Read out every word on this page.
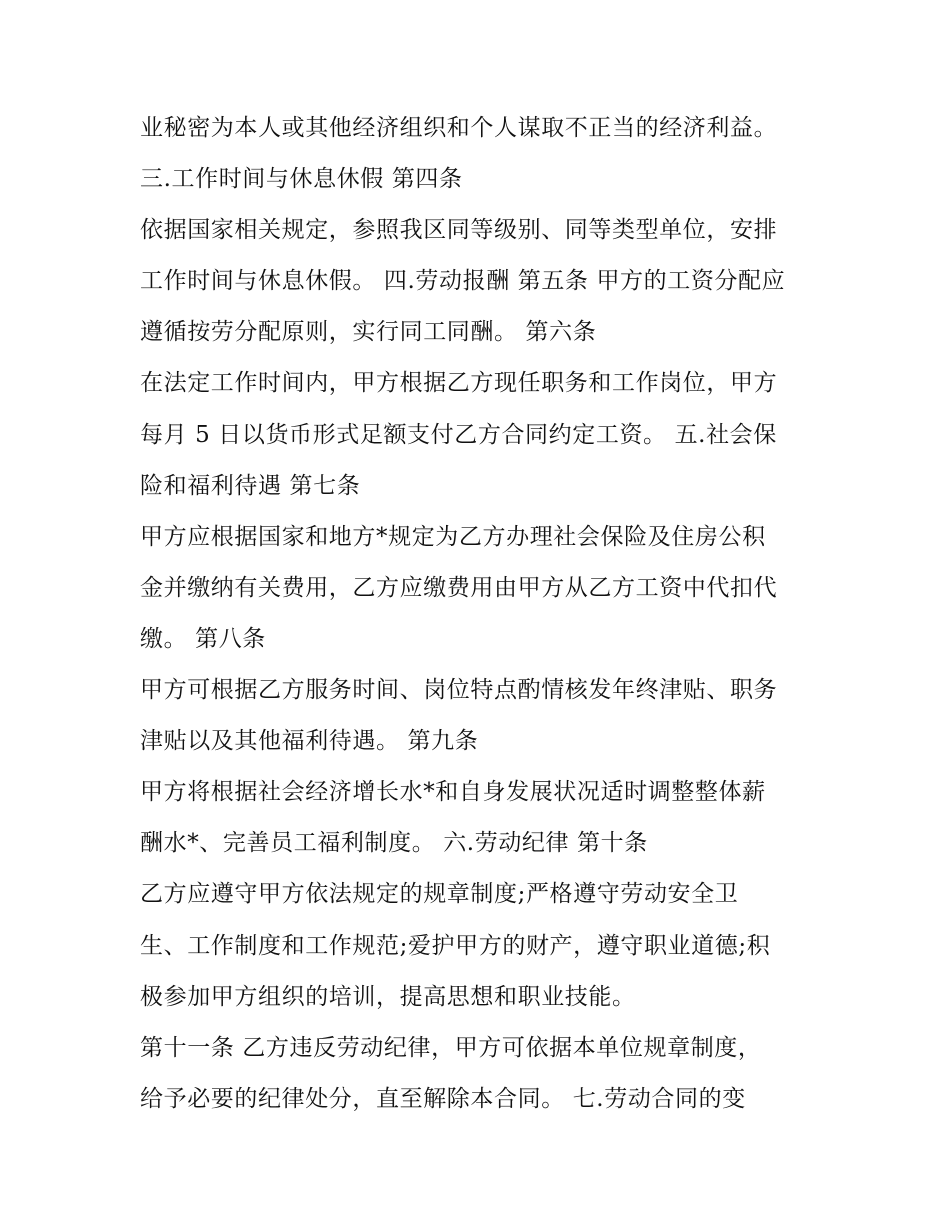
业秘密为本人或其他经济组织和个人谋取不正当的经济利益。
三.工作时间与休息休假 第四条
依据国家相关规定，参照我区同等级别、同等类型单位，安排
工作时间与休息休假。 四.劳动报酬 第五条 甲方的工资分配应
遵循按劳分配原则，实行同工同酬。 第六条
在法定工作时间内，甲方根据乙方现任职务和工作岗位，甲方
每月 5 日以货币形式足额支付乙方合同约定工资。 五.社会保
险和福利待遇 第七条
甲方应根据国家和地方*规定为乙方办理社会保险及住房公积
金并缴纳有关费用，乙方应缴费用由甲方从乙方工资中代扣代
缴。 第八条
甲方可根据乙方服务时间、岗位特点酌情核发年终津贴、职务
津贴以及其他福利待遇。 第九条
甲方将根据社会经济增长水*和自身发展状况适时调整整体薪
酬水*、完善员工福利制度。 六.劳动纪律 第十条
乙方应遵守甲方依法规定的规章制度;严格遵守劳动安全卫
生、工作制度和工作规范;爱护甲方的财产，遵守职业道德;积
极参加甲方组织的培训，提高思想和职业技能。
第十一条 乙方违反劳动纪律，甲方可依据本单位规章制度，
给予必要的纪律处分，直至解除本合同。 七.劳动合同的变
